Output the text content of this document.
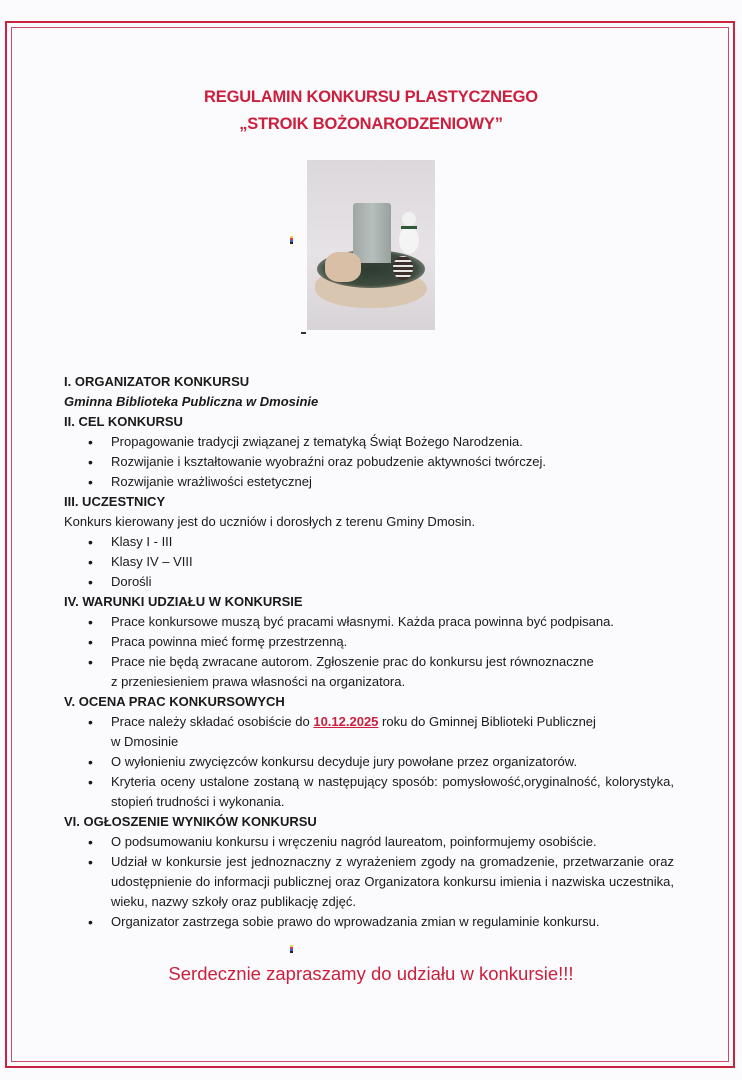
REGULAMIN KONKURSU PLASTYCZNEGO
„STROIK BOŻONARODZENIOWY”
I. ORGANIZATOR KONKURSU
Gminna Biblioteka Publiczna w Dmosinie
II. CEL KONKURSU
• Propagowanie tradycji związanej z tematyką Świąt Bożego Narodzenia.
• Rozwijanie i kształtowanie wyobraźni oraz pobudzenie aktywności twórczej.
• Rozwijanie wrażliwości estetycznej
III. UCZESTNICY
Konkurs kierowany jest do uczniów i dorosłych z terenu Gminy Dmosin.
• Klasy I - III
• Klasy IV – VIII
• Dorośli
IV. WARUNKI UDZIAŁU W KONKURSIE
• Prace konkursowe muszą być pracami własnymi. Każda praca powinna być podpisana.
• Praca powinna mieć formę przestrzenną.
• Prace nie będą zwracane autorom. Zgłoszenie prac do konkursu jest równoznaczne
z przeniesieniem prawa własności na organizatora.
V. OCENA PRAC KONKURSOWYCH
• Prace należy składać osobiście do 10.12.2025 roku do Gminnej Biblioteki Publicznej
w Dmosinie
• O wyłonieniu zwycięzców konkursu decyduje jury powołane przez organizatorów.
• Kryteria oceny ustalone zostaną w następujący sposób: pomysłowość,oryginalność, kolorystyka, stopień trudności i wykonania.
VI. OGŁOSZENIE WYNIKÓW KONKURSU
• O podsumowaniu konkursu i wręczeniu nagród laureatom, poinformujemy osobiście.
• Udział w konkursie jest jednoznaczny z wyrażeniem zgody na gromadzenie, przetwarzanie oraz udostępnienie do informacji publicznej oraz Organizatora konkursu imienia i nazwiska uczestnika, wieku, nazwy szkoły oraz publikację zdjęć.
• Organizator zastrzega sobie prawo do wprowadzania zmian w regulaminie konkursu.
Serdecznie zapraszamy do udziału w konkursie!!!
